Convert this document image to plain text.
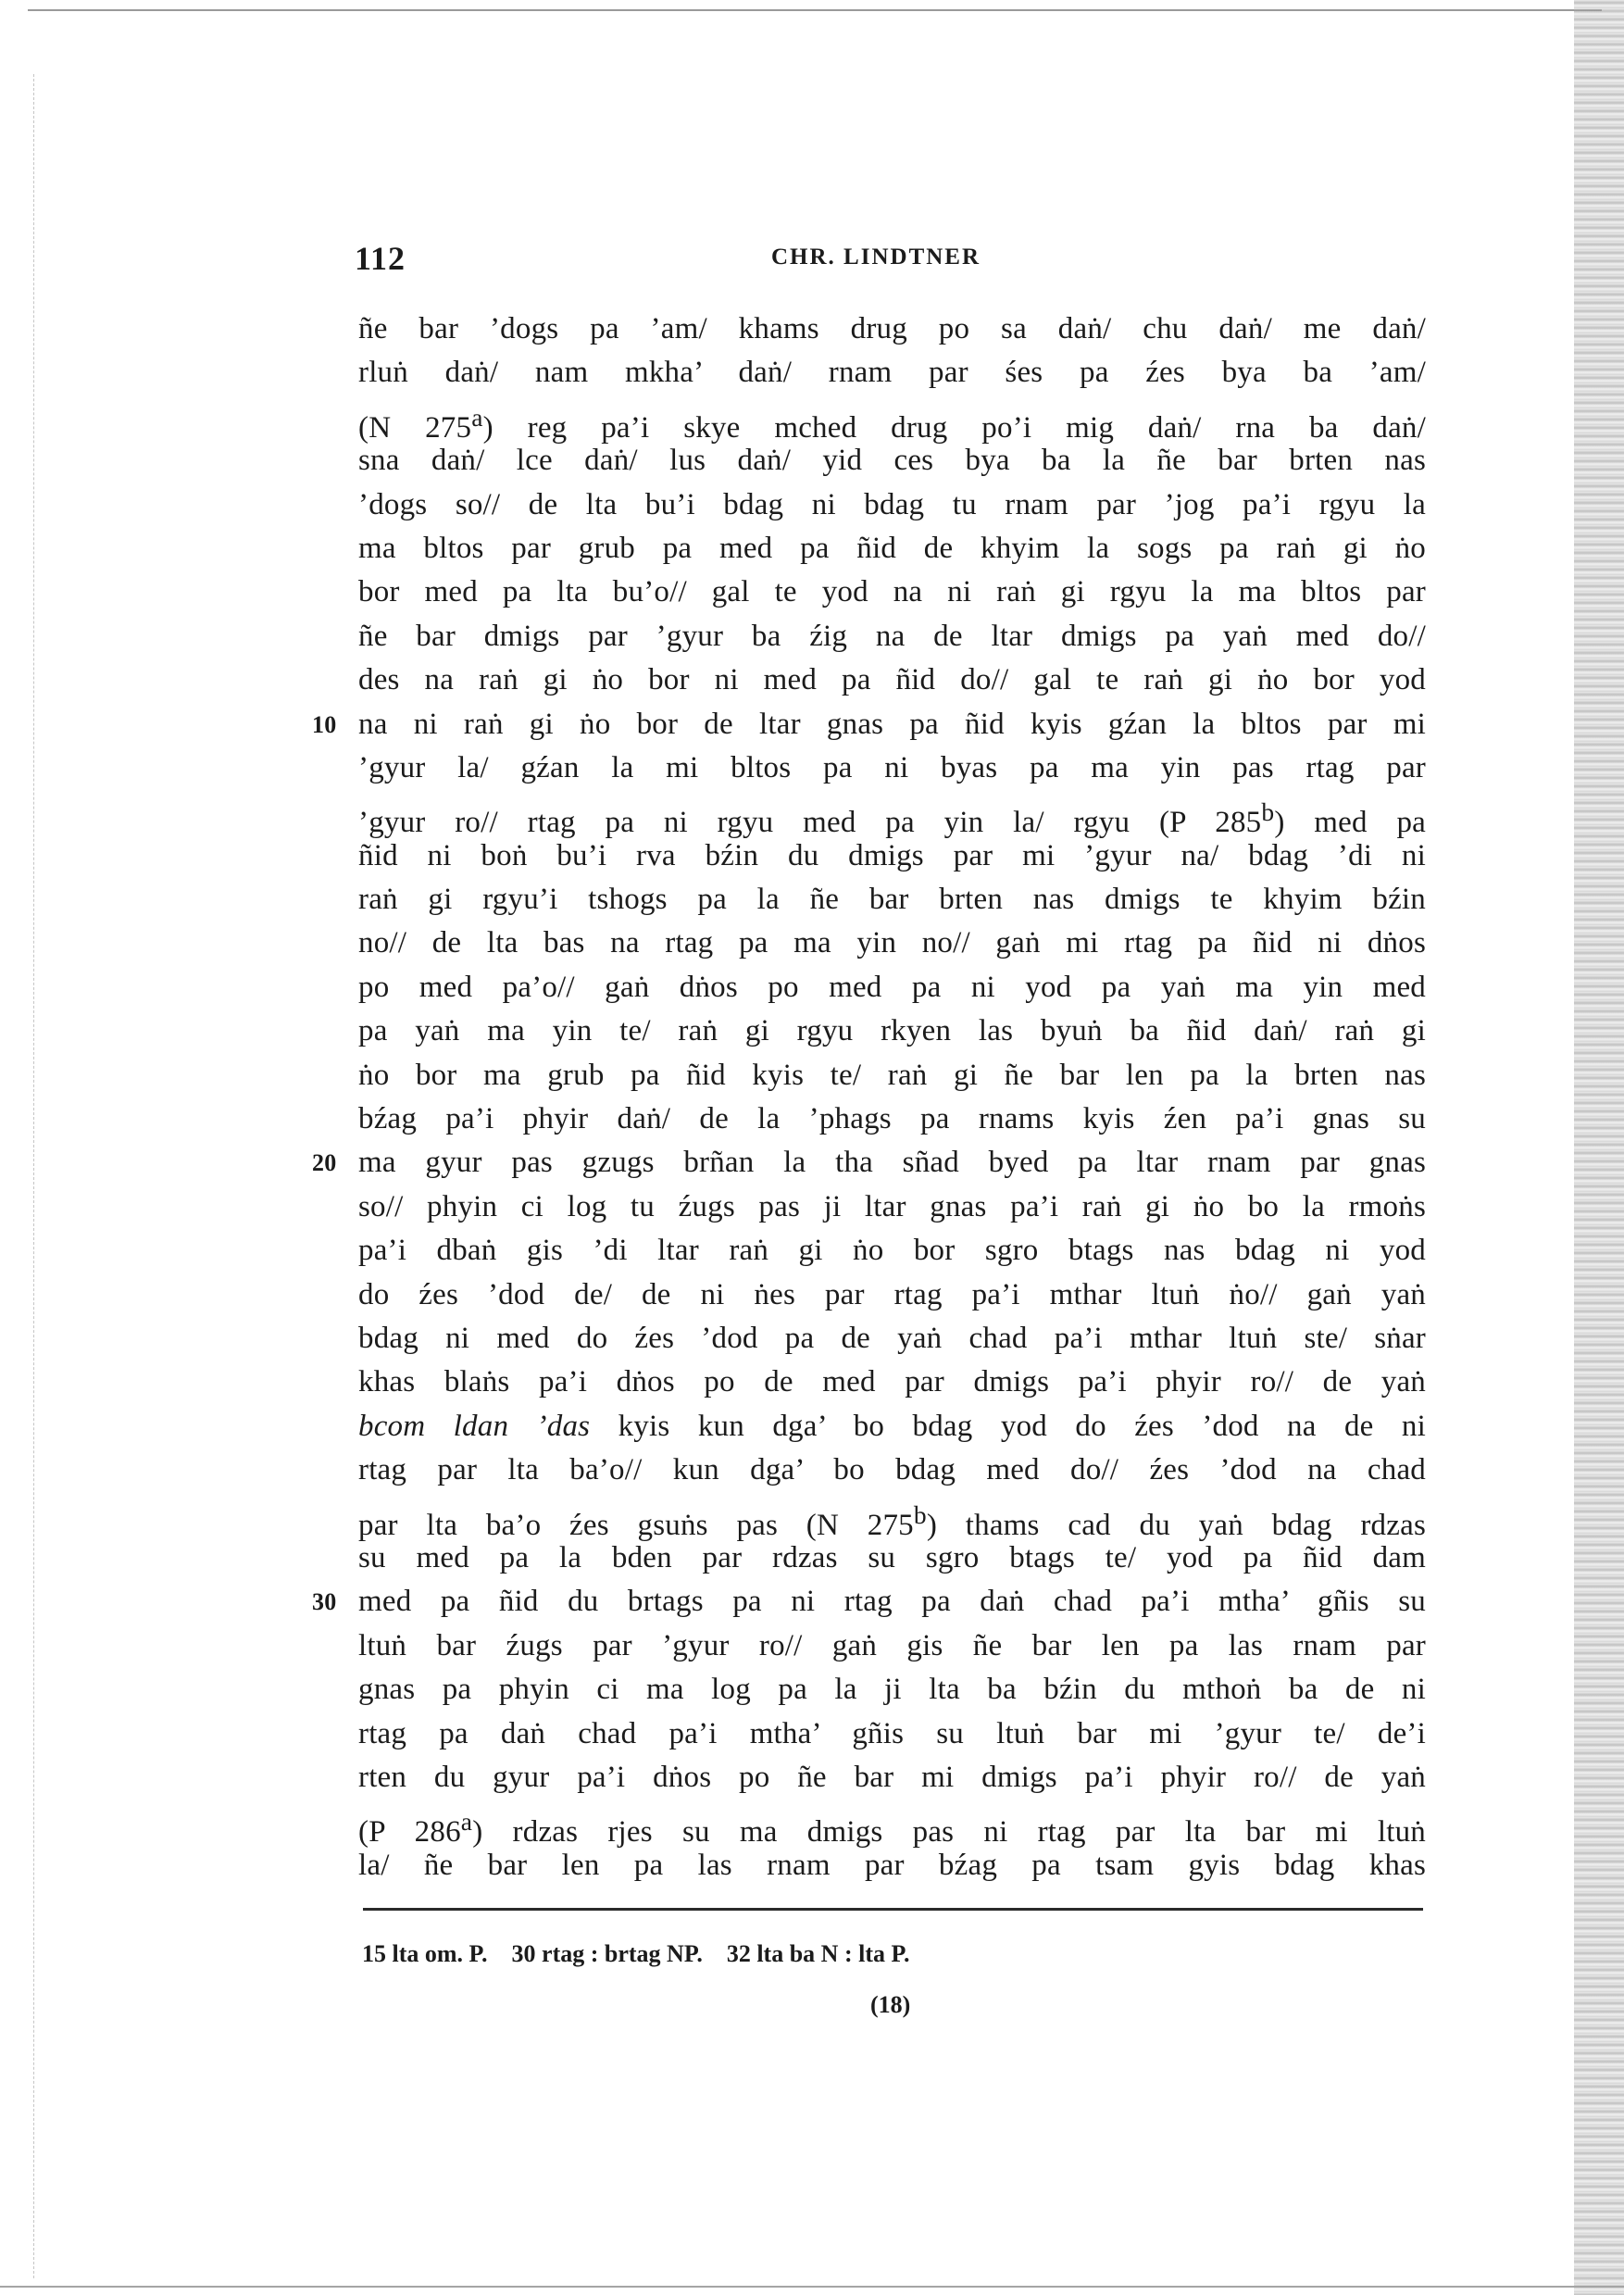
112	CHR. LINDTNER
ñe bar ’dogs pa ’am/ khams drug po sa daṅ/ chu daṅ/ me daṅ/
rluṅ daṅ/ nam mkha’ daṅ/ rnam par śes pa źes bya ba ’am/
(N 275$^a$) reg pa’i skye mched drug po’i mig daṅ/ rna ba daṅ/
sna daṅ/ lce daṅ/ lus daṅ/ yid ces bya ba la ñe bar brten nas
’dogs so// de lta bu’i bdag ni bdag tu rnam par ’jog pa’i rgyu la
ma bltos par grub pa med pa ñid de khyim la sogs pa raṅ gi ṅo
bor med pa lta bu’o// gal te yod na ni raṅ gi rgyu la ma bltos par
ñe bar dmigs par ’gyur ba źig na de ltar dmigs pa yaṅ med do//
des na raṅ gi ṅo bor ni med pa ñid do// gal te raṅ gi ṅo bor yod
10 na ni raṅ gi ṅo bor de ltar gnas pa ñid kyis gźan la bltos par mi
’gyur la/ gźan la mi bltos pa ni byas pa ma yin pas rtag par
’gyur ro// rtag pa ni rgyu med pa yin la/ rgyu (P 285$^b$) med pa
ñid ni boṅ bu’i rva bźin du dmigs par mi ’gyur na/ bdag ’di ni
raṅ gi rgyu’i tshogs pa la ñe bar brten nas dmigs te khyim bźin
no// de lta bas na rtag pa ma yin no// gaṅ mi rtag pa ñid ni dṅos
po med pa’o// gaṅ dṅos po med pa ni yod pa yaṅ ma yin med
pa yaṅ ma yin te/ raṅ gi rgyu rkyen las byuṅ ba ñid daṅ/ raṅ gi
ṅo bor ma grub pa ñid kyis te/ raṅ gi ñe bar len pa la brten nas
bźag pa’i phyir daṅ/ de la ’phags pa rnams kyis źen pa’i gnas su
20 ma gyur pas gzugs brñan la tha sñad byed pa ltar rnam par gnas
so// phyin ci log tu źugs pas ji ltar gnas pa’i raṅ gi ṅo bo la rmoṅs
pa’i dbaṅ gis ’di ltar raṅ gi ṅo bor sgro btags nas bdag ni yod
do źes ’dod de/ de ni ṅes par rtag pa’i mthar ltuṅ ṅo// gaṅ yaṅ
bdag ni med do źes ’dod pa de yaṅ chad pa’i mthar ltuṅ ste/ sṅar
khas blaṅs pa’i dṅos po de med par dmigs pa’i phyir ro// de yaṅ
bcom ldan ’das kyis kun dga’ bo bdag yod do źes ’dod na de ni
rtag par lta ba’o// kun dga’ bo bdag med do// źes ’dod na chad
par lta ba’o źes gsuṅs pas (N 275$^b$) thams cad du yaṅ bdag rdzas
su med pa la bden par rdzas su sgro btags te/ yod pa ñid dam
30 med pa ñid du brtags pa ni rtag pa daṅ chad pa’i mtha’ gñis su
ltuṅ bar źugs par ’gyur ro// gaṅ gis ñe bar len pa las rnam par
gnas pa phyin ci ma log pa la ji lta ba bźin du mthoṅ ba de ni
rtag pa daṅ chad pa’i mtha’ gñis su ltuṅ bar mi ’gyur te/ de’i
rten du gyur pa’i dṅos po ñe bar mi dmigs pa’i phyir ro// de yaṅ
(P 286$^a$) rdzas rjes su ma dmigs pas ni rtag par lta bar mi ltuṅ
la/ ñe bar len pa las rnam par bźag pa tsam gyis bdag khas
15 lta om. P.    30 rtag : brtag NP.    32 lta ba N : lta P.
(18)
